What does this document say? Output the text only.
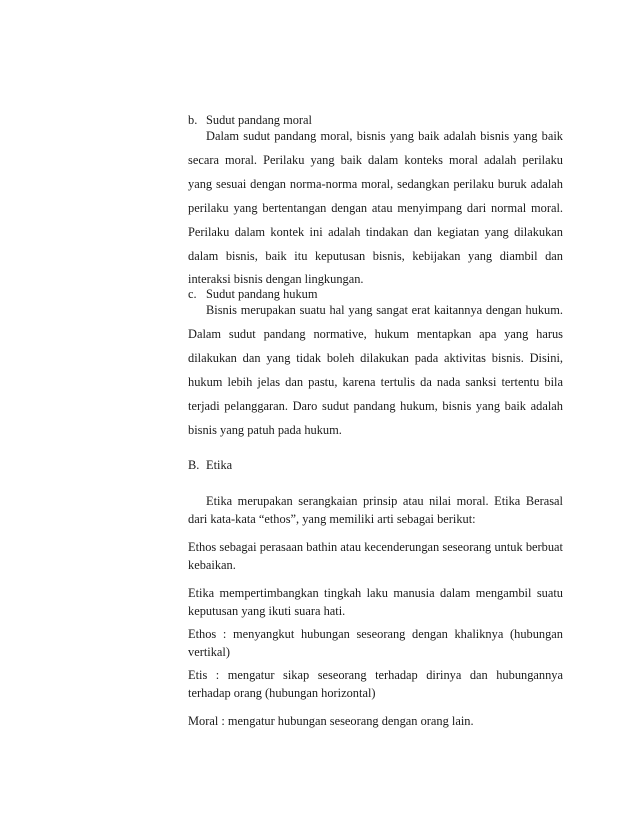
b. Sudut pandang moral

Dalam sudut pandang moral, bisnis yang baik adalah bisnis yang baik secara moral. Perilaku yang baik dalam konteks moral adalah perilaku yang sesuai dengan norma-norma moral, sedangkan perilaku buruk adalah perilaku yang bertentangan dengan atau menyimpang dari normal moral. Perilaku dalam kontek ini adalah tindakan dan kegiatan yang dilakukan dalam bisnis, baik itu keputusan bisnis, kebijakan yang diambil dan interaksi bisnis dengan lingkungan.

c. Sudut pandang hukum

Bisnis merupakan suatu hal yang sangat erat kaitannya dengan hukum. Dalam sudut pandang normative, hukum mentapkan apa yang harus dilakukan dan yang tidak boleh dilakukan pada aktivitas bisnis. Disini, hukum lebih jelas dan pastu, karena tertulis da nada sanksi tertentu bila terjadi pelanggaran. Daro sudut pandang hukum, bisnis yang baik adalah bisnis yang patuh pada hukum.

B. Etika

Etika merupakan serangkaian prinsip atau nilai moral. Etika Berasal dari kata-kata “ethos”, yang memiliki arti sebagai berikut:

Ethos sebagai perasaan bathin atau kecenderungan seseorang untuk berbuat kebaikan.

Etika mempertimbangkan tingkah laku manusia dalam mengambil suatu keputusan yang ikuti suara hati.

Ethos : menyangkut hubungan seseorang dengan khaliknya (hubungan vertikal)

Etis : mengatur sikap seseorang terhadap dirinya dan hubungannya terhadap orang (hubungan horizontal)

Moral : mengatur hubungan seseorang dengan orang lain.
